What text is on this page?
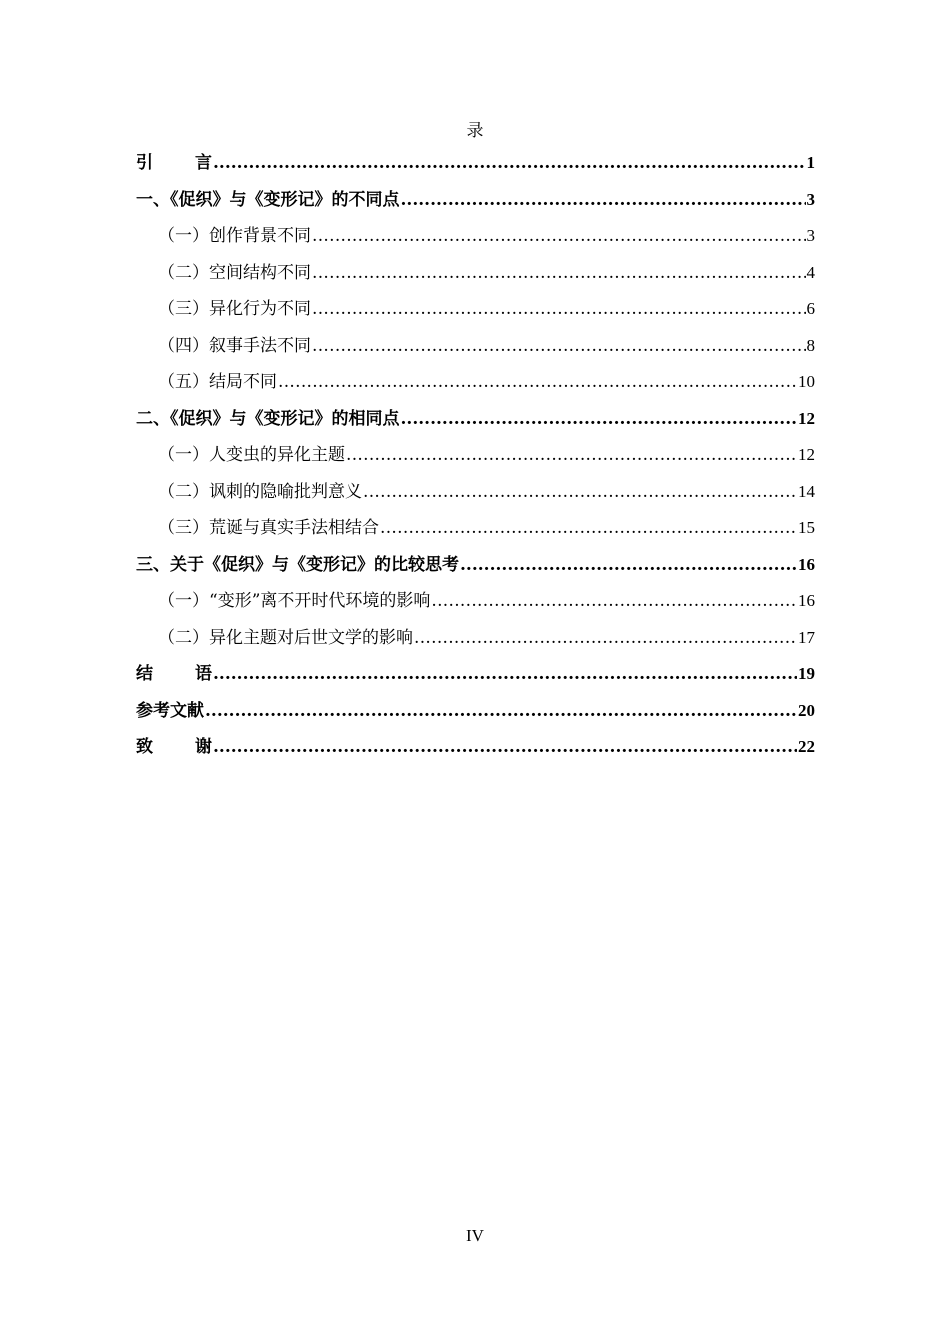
录
引言 .....	1
一、《促织》与《变形记》的不同点 .....	3
（一）创作背景不同 .....	3
（二）空间结构不同 .....	4
（三）异化行为不同 .....	6
（四）叙事手法不同 .....	8
（五）结局不同 .....	10
二、《促织》与《变形记》的相同点 .....	12
（一）人变虫的异化主题 .....	12
（二）讽刺的隐喻批判意义 .....	14
（三）荒诞与真实手法相结合 .....	15
三、关于《促织》与《变形记》的比较思考 .....	16
（一）“变形”离不开时代环境的影响 .....	16
（二）异化主题对后世文学的影响 .....	17
结语 .....	19
参考文献 .....	20
致谢 .....	22
IV
